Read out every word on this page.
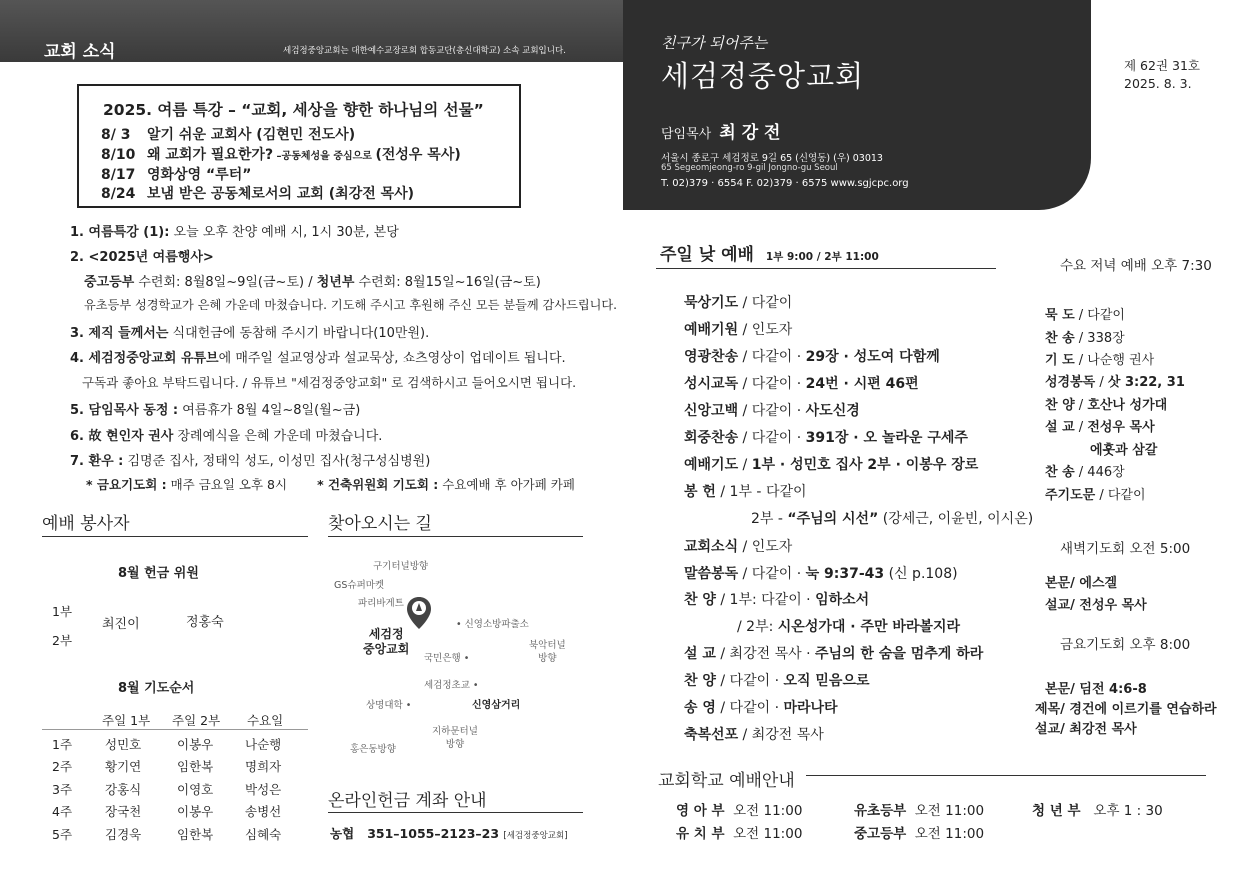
교회 소식	세검정중앙교회는 대한예수교장로회 합동교단(총신대학교) 소속 교회입니다.	친구가 되어주는
세검정중앙교회
담임목사 최 강 전
서울시 종로구 세검정로 9길 65 (신영동) (우) 03013
65 Segeomjeong-ro 9-gil Jongno-gu Seoul
T. 02)379 · 6554 F. 02)379 · 6575 www.sgjcpc.org
제 62권 31호
2025. 8. 3.
2025. 여름 특강 – “교회, 세상을 향한 하나님의 선물”
8/ 3 알기 쉬운 교회사 (김현민 전도사)
8/10 왜 교회가 필요한가? –공동체성을 중심으로 (전성우 목사)
8/17 영화상영 “루터”
8/24 보냄 받은 공동체로서의 교회 (최강전 목사)
1. 여름특강 (1): 오늘 오후 찬양 예배 시, 1시 30분, 본당
2. <2025년 여름행사>
중고등부 수련회: 8월8일~9일(금~토) / 청년부 수련회: 8월15일~16일(금~토)
유초등부 성경학교가 은혜 가운데 마쳤습니다. 기도해 주시고 후원해 주신 모든 분들께 감사드립니다.
3. 제직 들께서는 식대헌금에 동참해 주시기 바랍니다(10만원).
4. 세검정중앙교회 유튜브에 매주일 설교영상과 설교묵상, 쇼츠영상이 업데이트 됩니다.
구독과 좋아요 부탁드립니다. / 유튜브 "세검정중앙교회" 로 검색하시고 들어오시면 됩니다.
5. 담임목사 동정 : 여름휴가 8월 4일~8일(월~금)
6. 故 현인자 권사 장례예식을 은혜 가운데 마쳤습니다.
7. 환우 : 김명준 집사, 정태익 성도, 이성민 집사(청구성심병원)
* 금요기도회 : 매주 금요일 오후 8시 * 건축위원회 기도회 : 수요예배 후 아가페 카페
예배 봉사자
8월 헌금 위원
1부
2부
최진이	정홍숙
8월 기도순서
주일 1부 주일 2부 수요일
1주	성민호	이봉우	나순행
2주	황기연	임한복	명희자
3주	강홍식	이영호	박성은
4주	장국천	이봉우	송병선
5주	김경욱	임한복	심혜숙
찾아오시는 길
구기터널방향
GS슈퍼마켓
파리바게트
세검정
중앙교회
• 신영소방파출소
국민은행 •
북악터널
방향
세검정초교 •
상명대학 •	신영삼거리
지하문터널
방향
홍은동방향
온라인헌금 계좌 안내
농협 351–1055–2123–23 [세검정중앙교회]
주일 낮 예배 1부 9:00 / 2부 11:00
묵상기도 / 다같이
예배기원 / 인도자
영광찬송 / 다같이 · 29장 · 성도여 다함께
성시교독 / 다같이 · 24번 · 시편 46편
신앙고백 / 다같이 · 사도신경
회중찬송 / 다같이 · 391장 · 오 놀라운 구세주
예배기도 / 1부 · 성민호 집사 2부 · 이봉우 장로
봉 헌 / 1부 - 다같이
2부 - “주님의 시선” (강세근, 이윤빈, 이시온)
교회소식 / 인도자
말씀봉독 / 다같이 · 눅 9:37-43 (신 p.108)
찬 양 / 1부: 다같이 · 임하소서
/ 2부: 시온성가대 · 주만 바라볼지라
설 교 / 최강전 목사 · 주님의 한 숨을 멈추게 하라
찬 양 / 다같이 · 오직 믿음으로
송 영 / 다같이 · 마라나타
축복선포 / 최강전 목사
수요 저녁 예배 오후 7:30
묵 도 / 다같이
찬 송 / 338장
기 도 / 나순행 권사
성경봉독 / 삿 3:22, 31
찬 양 / 호산나 성가대
설 교 / 전성우 목사
에훗과 삼갈
찬 송 / 446장
주기도문 / 다같이
새벽기도회 오전 5:00
본문/ 에스겔
설교/ 전성우 목사
금요기도회 오후 8:00
본문/ 딤전 4:6-8
제목/ 경건에 이르기를 연습하라
설교/ 최강전 목사
교회학교 예배안내
영 아 부 오전 11:00	유초등부 오전 11:00	청 년 부 오후 1 : 30
유 치 부 오전 11:00	중고등부 오전 11:00
